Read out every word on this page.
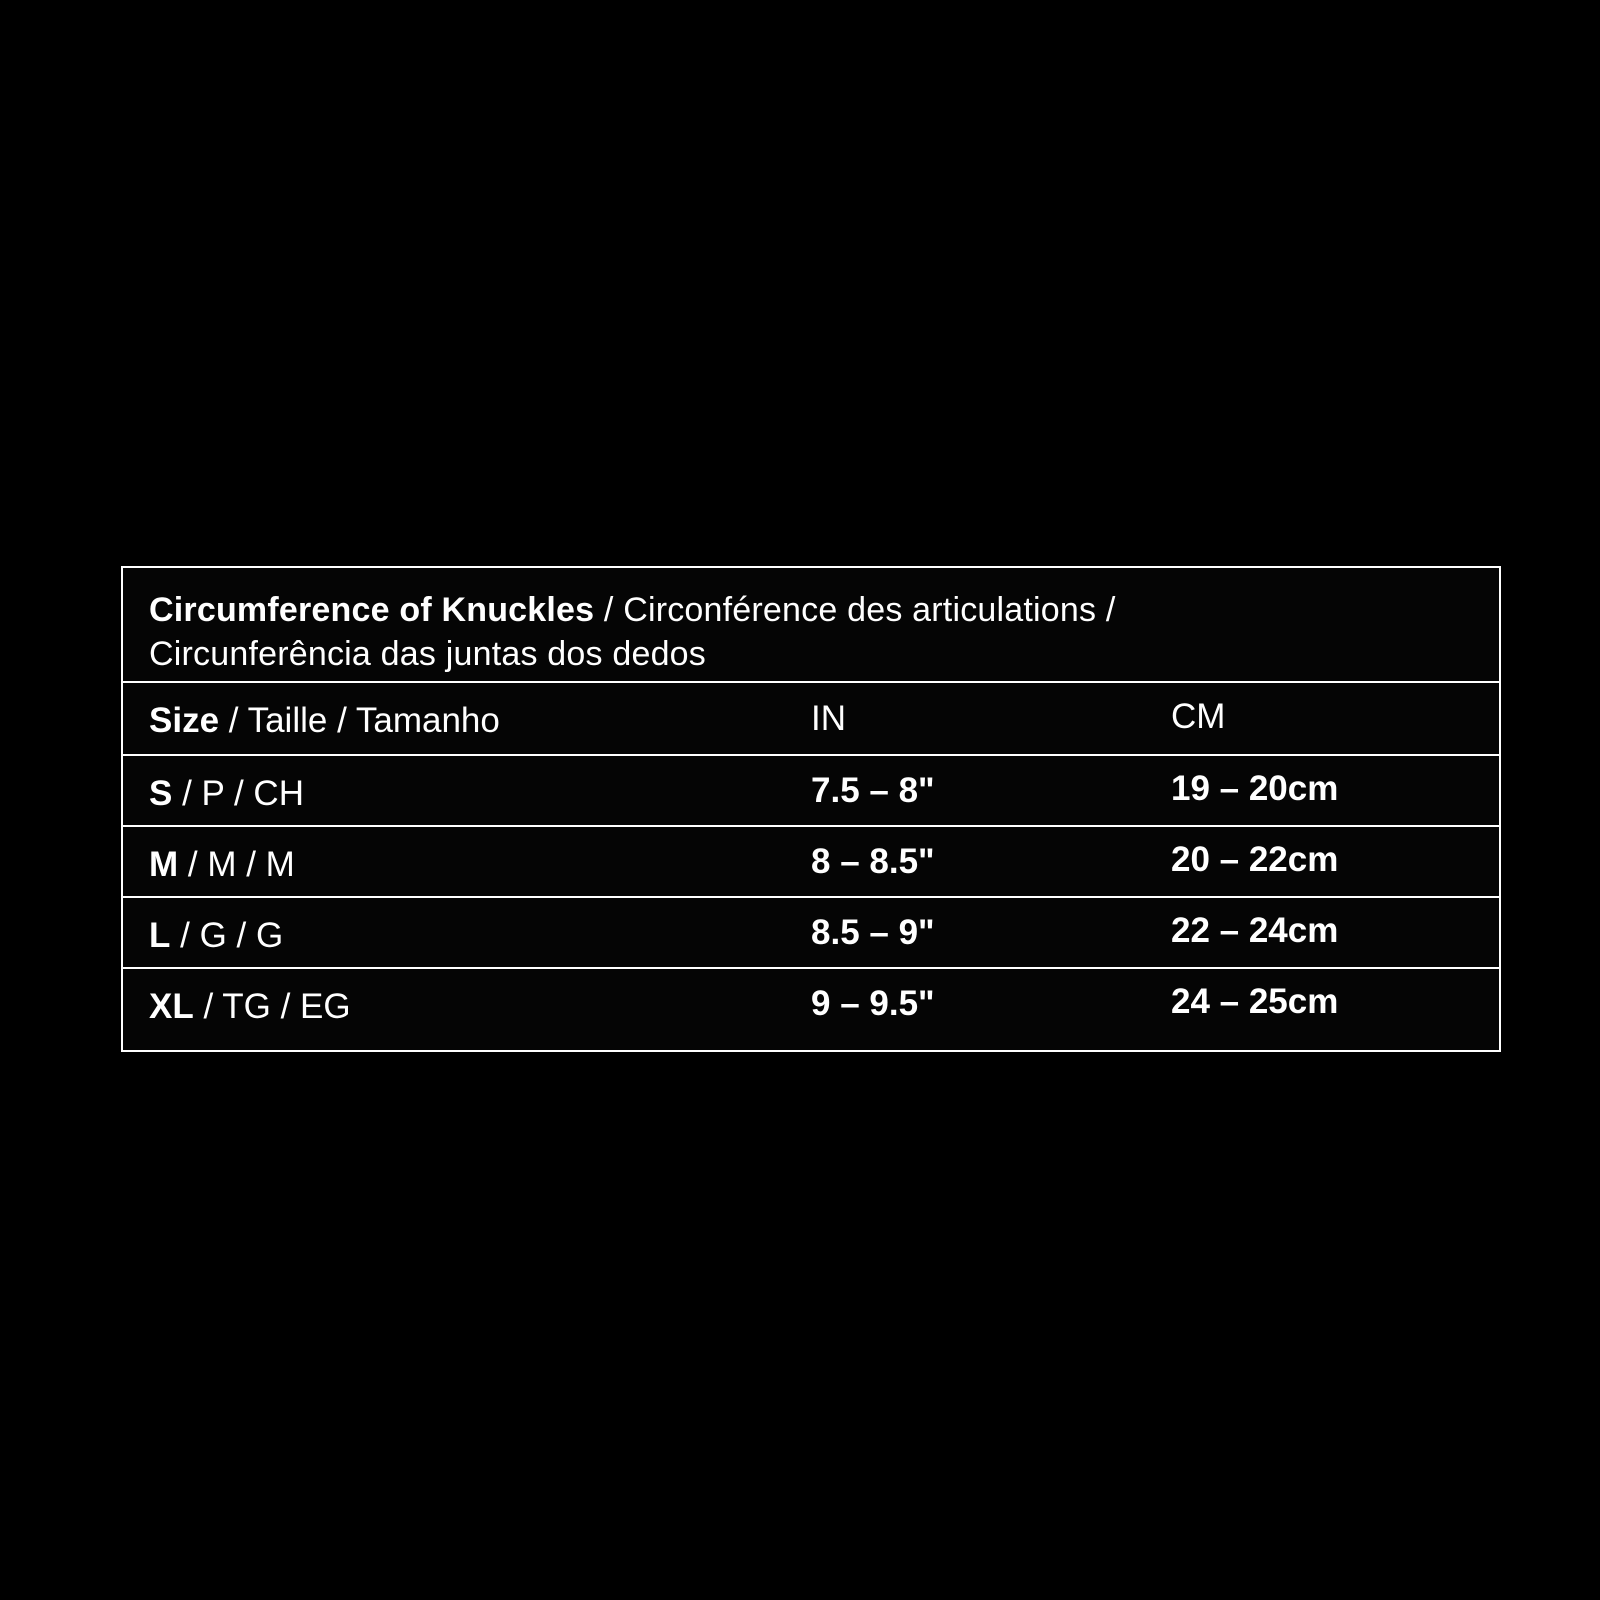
Circumference of Knuckles / Circonférence des articulations /
Circunferência das juntas dos dedos
Size / Taille / Tamanho	IN	CM
S / P / CH	7.5 – 8"	19 – 20cm
M / M / M	8 – 8.5"	20 – 22cm
L / G / G	8.5 – 9"	22 – 24cm
XL / TG / EG	9 – 9.5"	24 – 25cm
